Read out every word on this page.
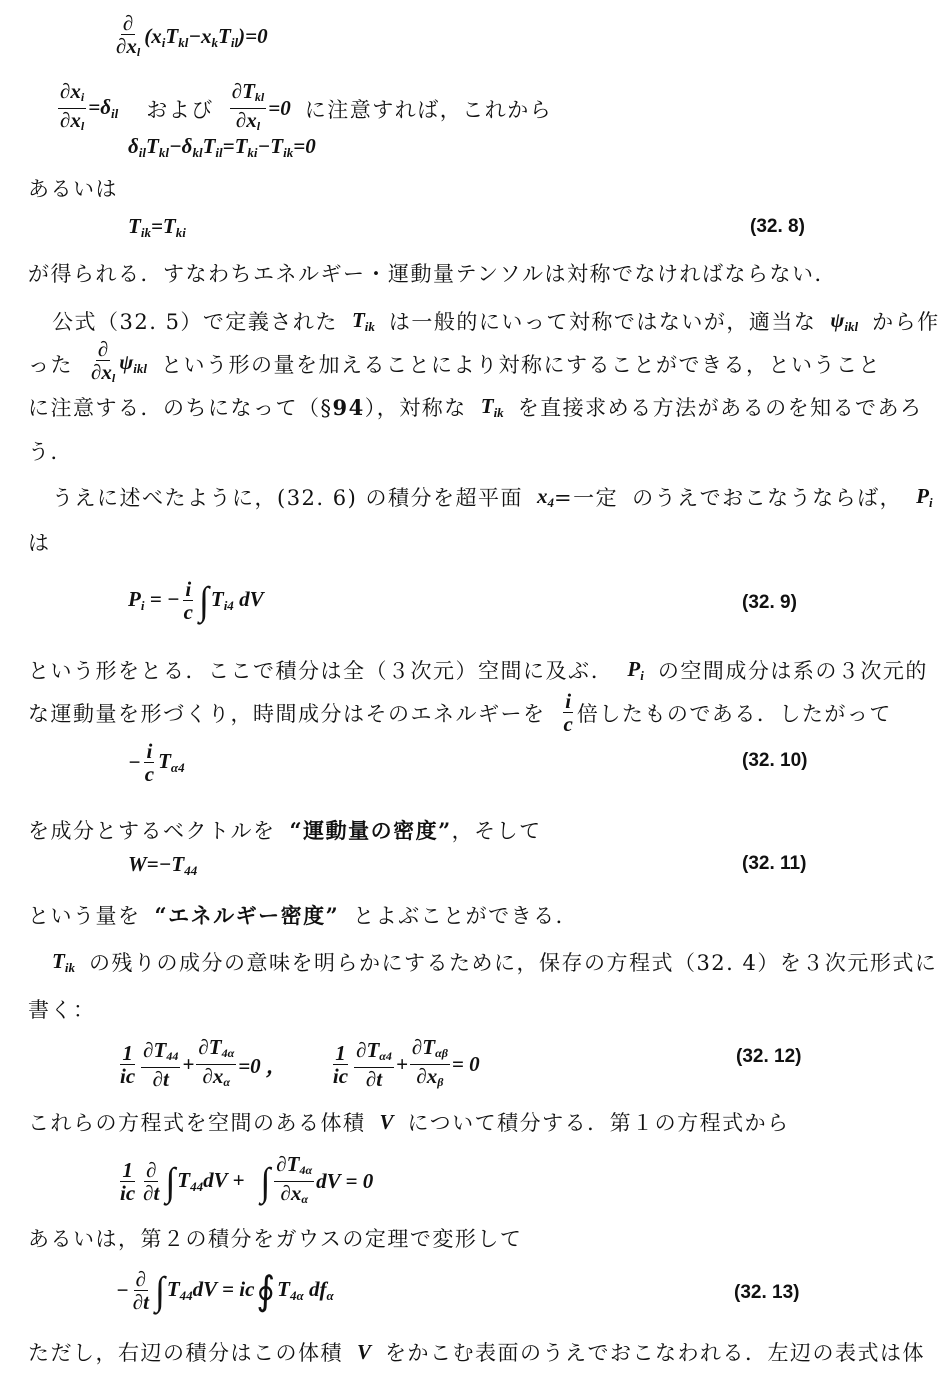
$\frac{\partial}{\partial x_l} (x_iT_{kl}-x_kT_{il})=0$
$\frac{\partial x_i}{\partial x_l} =\delta_{il}$ および $\frac{\partial T_{kl}}{\partial x_l} =0$ に注意すれば，これから
$\delta_{il}T_{kl}-\delta_{kl}T_{il}=T_{ki}-T_{ik}=0$
あるいは
$T_{ik}=T_{ki}$	(32. 8)
が得られる．すなわちエネルギー・運動量テンソルは対称でなければならない．
公式（32. 5）で定義された $T_{ik}$ は一般的にいって対称ではないが，適当な $\psi_{ikl}$ から作
った $\frac{\partial}{\partial x_l} \psi_{ikl}$ という形の量を加えることにより対称にすることができる，ということ
に注意する．のちになって（§ 94 ），対称な $T_{ik}$ を直接求める方法があるのを知るであろ
う．
うえに述べたように，(32. 6) の積分を超平面 $x_4$ =一定 のうえでおこなうならば， $P_i$
は
$P_i$ = − $\frac{i}{c}$ ∫ $T_{i4}$ dV	(32. 9)
という形をとる．ここで積分は全（３次元）空間に及ぶ． $P_i$ の空間成分は系の３次元的
な運動量を形づくり，時間成分はそのエネルギーを $\frac{i}{c}$ 倍したものである．したがって
− $\frac{i}{c} T_{\alpha 4}$	(32. 10)
を成分とするベクトルを “運動量の密度” ，そして
$W=-T_{44}$	(32. 11)
という量を “エネルギー密度” とよぶことができる．
$T_{ik}$ の残りの成分の意味を明らかにするために，保存の方程式（32. 4）を３次元形式に
書く：
$\frac{1}{ic} \frac{\partial T_{44}}{\partial t} + \frac{\partial T_{4\alpha}}{\partial x_\alpha} =0$ ， $\frac{1}{ic} \frac{\partial T_{\alpha 4}}{\partial t} + \frac{\partial T_{\alpha\beta}}{\partial x_\beta} = 0$	(32. 12)
これらの方程式を空間のある体積 V について積分する．第１の方程式から
$\frac{1}{ic} \frac{\partial}{\partial t}$ ∫ $T_{44}dV$ + ∫ $\frac{\partial T_{4\alpha}}{\partial x_\alpha}$ dV = 0
あるいは，第２の積分をガウスの定理で変形して
− $\frac{\partial}{\partial t}$ ∫ $T_{44}dV$ = ic ∮ $T_{4\alpha}$ $df_\alpha$	(32. 13)
ただし，右辺の積分はこの体積 V をかこむ表面のうえでおこなわれる．左辺の表式は体
